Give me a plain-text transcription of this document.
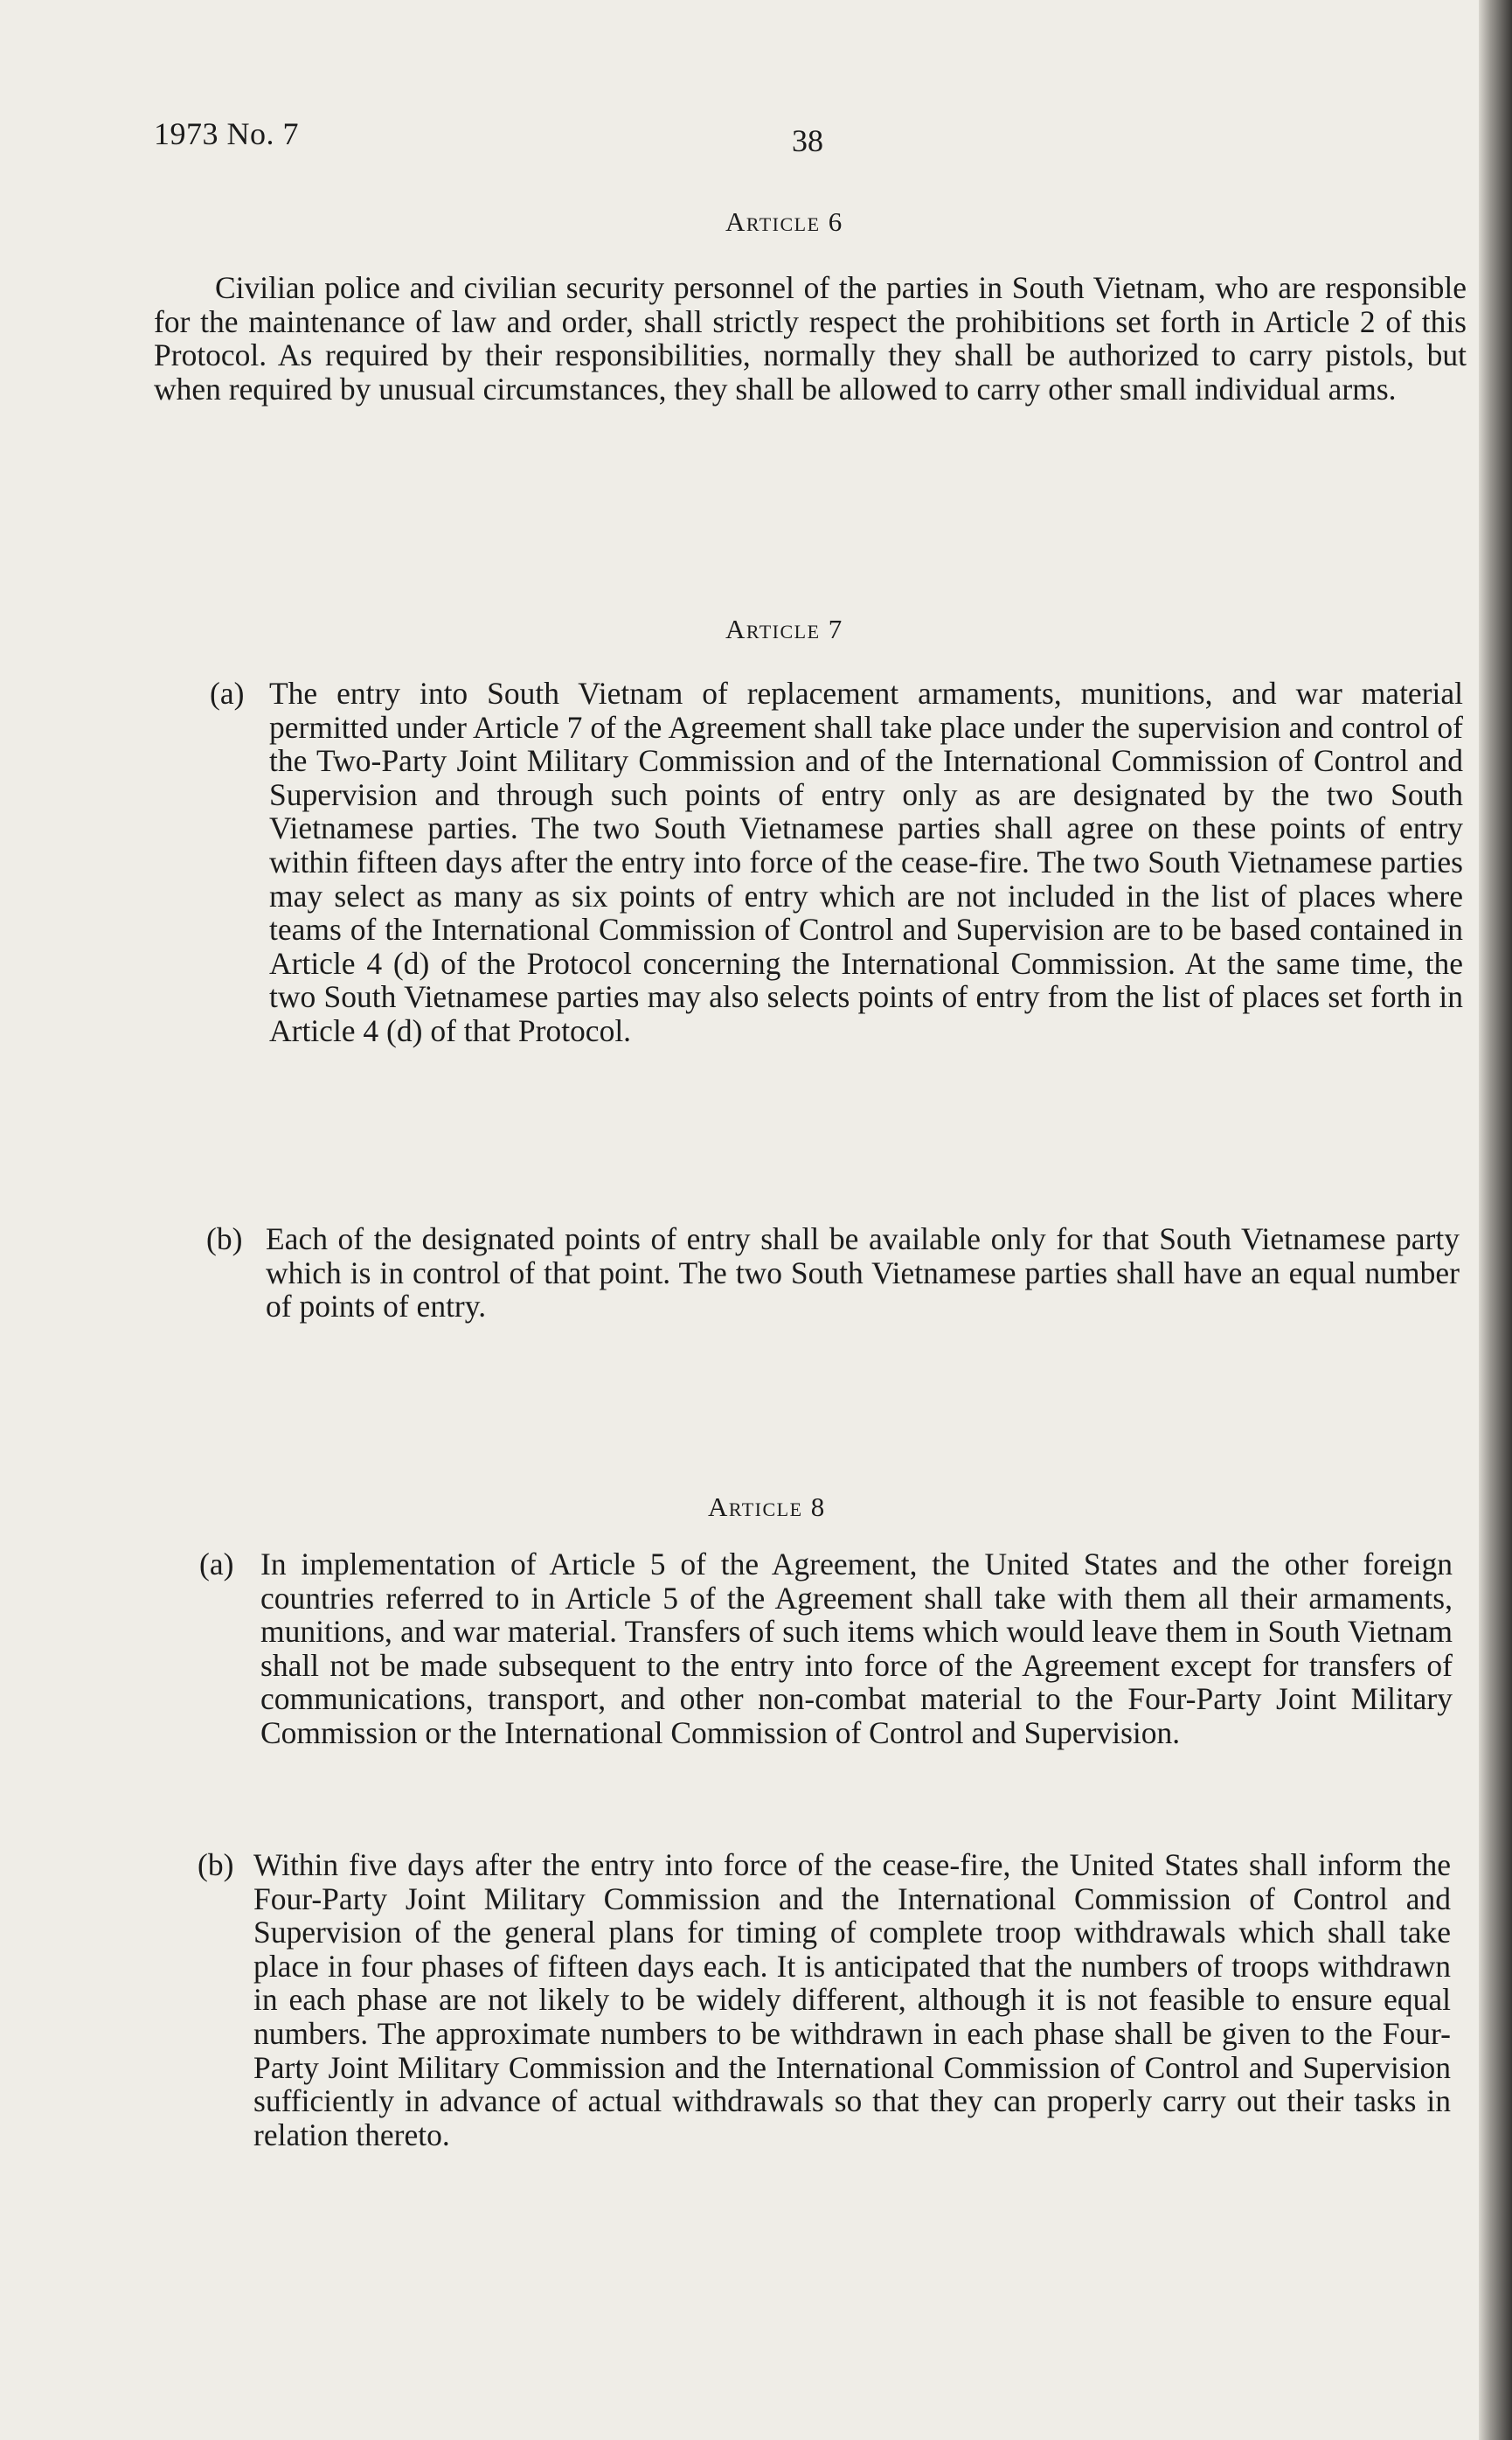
1973 No. 7	38
Article 6

Civilian police and civilian security personnel of the parties in South Vietnam, who are responsible for the maintenance of law and order, shall strictly respect the prohibitions set forth in Article 2 of this Protocol. As required by their responsibilities, normally they shall be authorized to carry pistols, but when required by unusual circumstances, they shall be allowed to carry other small individual arms.

Article 7
(a) The entry into South Vietnam of replacement armaments, munitions, and war material permitted under Article 7 of the Agreement shall take place under the supervision and control of the Two-Party Joint Military Commission and of the International Commission of Control and Supervision and through such points of entry only as are designated by the two South Vietnamese parties. The two South Vietnamese parties shall agree on these points of entry within fifteen days after the entry into force of the cease-fire. The two South Vietnamese parties may select as many as six points of entry which are not included in the list of places where teams of the International Commission of Control and Supervision are to be based contained in Article 4 (d) of the Protocol concerning the International Commission. At the same time, the two South Vietnamese parties may also selects points of entry from the list of places set forth in Article 4 (d) of that Protocol.

(b) Each of the designated points of entry shall be available only for that South Vietnamese party which is in control of that point. The two South Vietnamese parties shall have an equal number of points of entry.

Article 8
(a) In implementation of Article 5 of the Agreement, the United States and the other foreign countries referred to in Article 5 of the Agreement shall take with them all their armaments, munitions, and war material. Transfers of such items which would leave them in South Vietnam shall not be made subsequent to the entry into force of the Agreement except for transfers of communications, transport, and other non-combat material to the Four-Party Joint Military Commission or the International Commission of Control and Supervision.

(b) Within five days after the entry into force of the cease-fire, the United States shall inform the Four-Party Joint Military Commission and the International Commission of Control and Supervision of the general plans for timing of complete troop withdrawals which shall take place in four phases of fifteen days each. It is anticipated that the numbers of troops withdrawn in each phase are not likely to be widely different, although it is not feasible to ensure equal numbers. The approximate numbers to be withdrawn in each phase shall be given to the Four-Party Joint Military Commission and the International Commission of Control and Supervision sufficiently in advance of actual withdrawals so that they can properly carry out their tasks in relation thereto.
